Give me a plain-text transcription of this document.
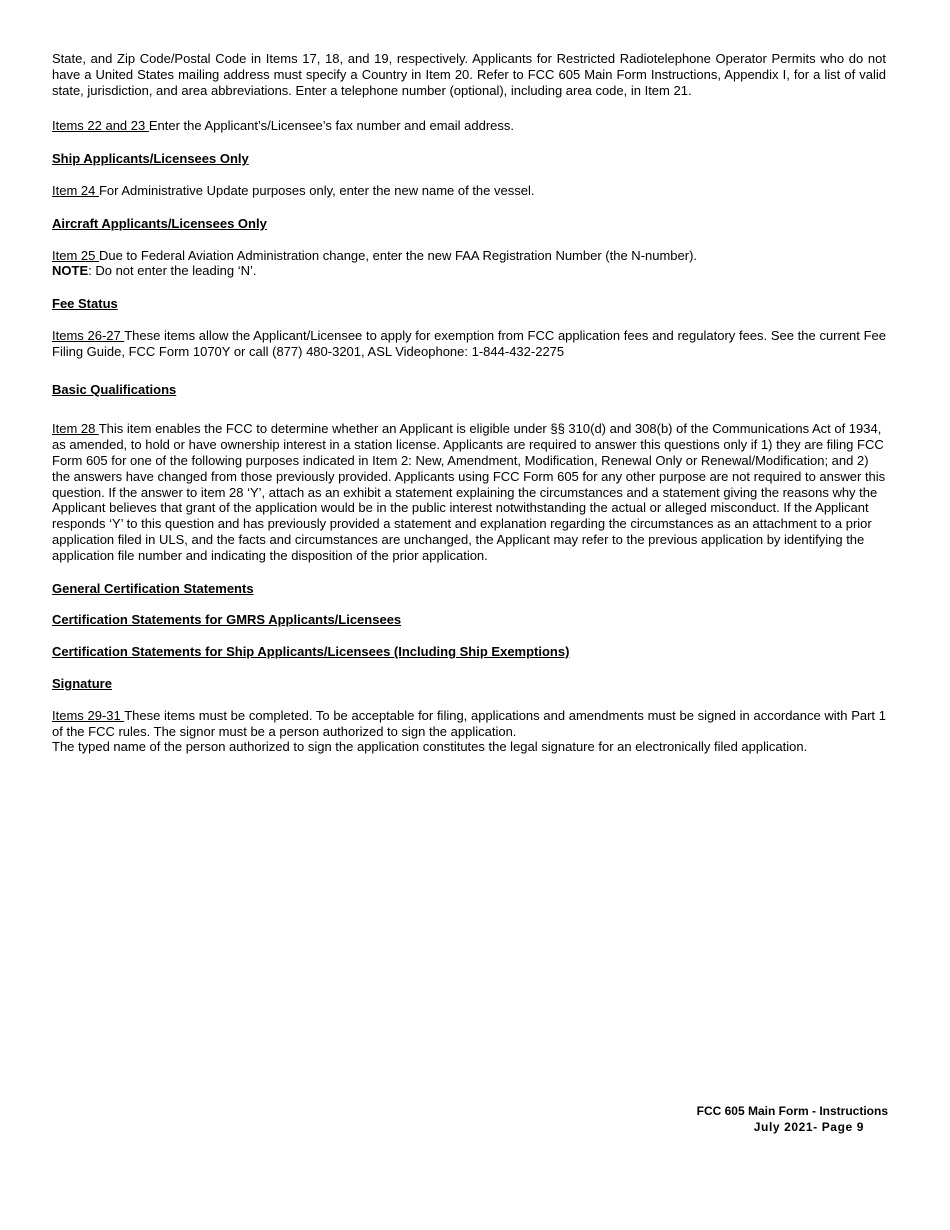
State, and Zip Code/Postal Code in Items 17, 18, and 19, respectively. Applicants for Restricted Radiotelephone Operator Permits who do not have a United States mailing address must specify a Country in Item 20. Refer to FCC 605 Main Form Instructions, Appendix I, for a list of valid state, jurisdiction, and area abbreviations. Enter a telephone number (optional), including area code, in Item 21.

Items 22 and 23 Enter the Applicant’s/Licensee’s fax number and email address.

Ship Applicants/Licensees Only

Item 24 For Administrative Update purposes only, enter the new name of the vessel.

Aircraft Applicants/Licensees Only

Item 25 Due to Federal Aviation Administration change, enter the new FAA Registration Number (the N-number).

NOTE: Do not enter the leading ‘N’.

Fee Status

Items 26-27 These items allow the Applicant/Licensee to apply for exemption from FCC application fees and regulatory fees. See the current Fee Filing Guide, FCC Form 1070Y or call (877) 480-3201, ASL Videophone: 1-844-432-2275

Basic Qualifications

Item 28 This item enables the FCC to determine whether an Applicant is eligible under §§ 310(d) and 308(b) of the Communications Act of 1934, as amended, to hold or have ownership interest in a station license. Applicants are required to answer this questions only if 1) they are filing FCC Form 605 for one of the following purposes indicated in Item 2: New, Amendment, Modification, Renewal Only or Renewal/Modification; and 2) the answers have changed from those previously provided. Applicants using FCC Form 605 for any other purpose are not required to answer this question. If the answer to item 28 ‘Y’, attach as an exhibit a statement explaining the circumstances and a statement giving the reasons why the Applicant believes that grant of the application would be in the public interest notwithstanding the actual or alleged misconduct. If the Applicant responds ‘Y’ to this question and has previously provided a statement and explanation regarding the circumstances as an attachment to a prior application filed in ULS, and the facts and circumstances are unchanged, the Applicant may refer to the previous application by identifying the application file number and indicating the disposition of the prior application.

General Certification Statements

Certification Statements for GMRS Applicants/Licensees

Certification Statements for Ship Applicants/Licensees (Including Ship Exemptions)

Signature

Items 29-31 These items must be completed. To be acceptable for filing, applications and amendments must be signed in accordance with Part 1 of the FCC rules. The signor must be a person authorized to sign the application.

The typed name of the person authorized to sign the application constitutes the legal signature for an electronically filed application.

FCC 605 Main Form - Instructions
July 2021- Page 9
